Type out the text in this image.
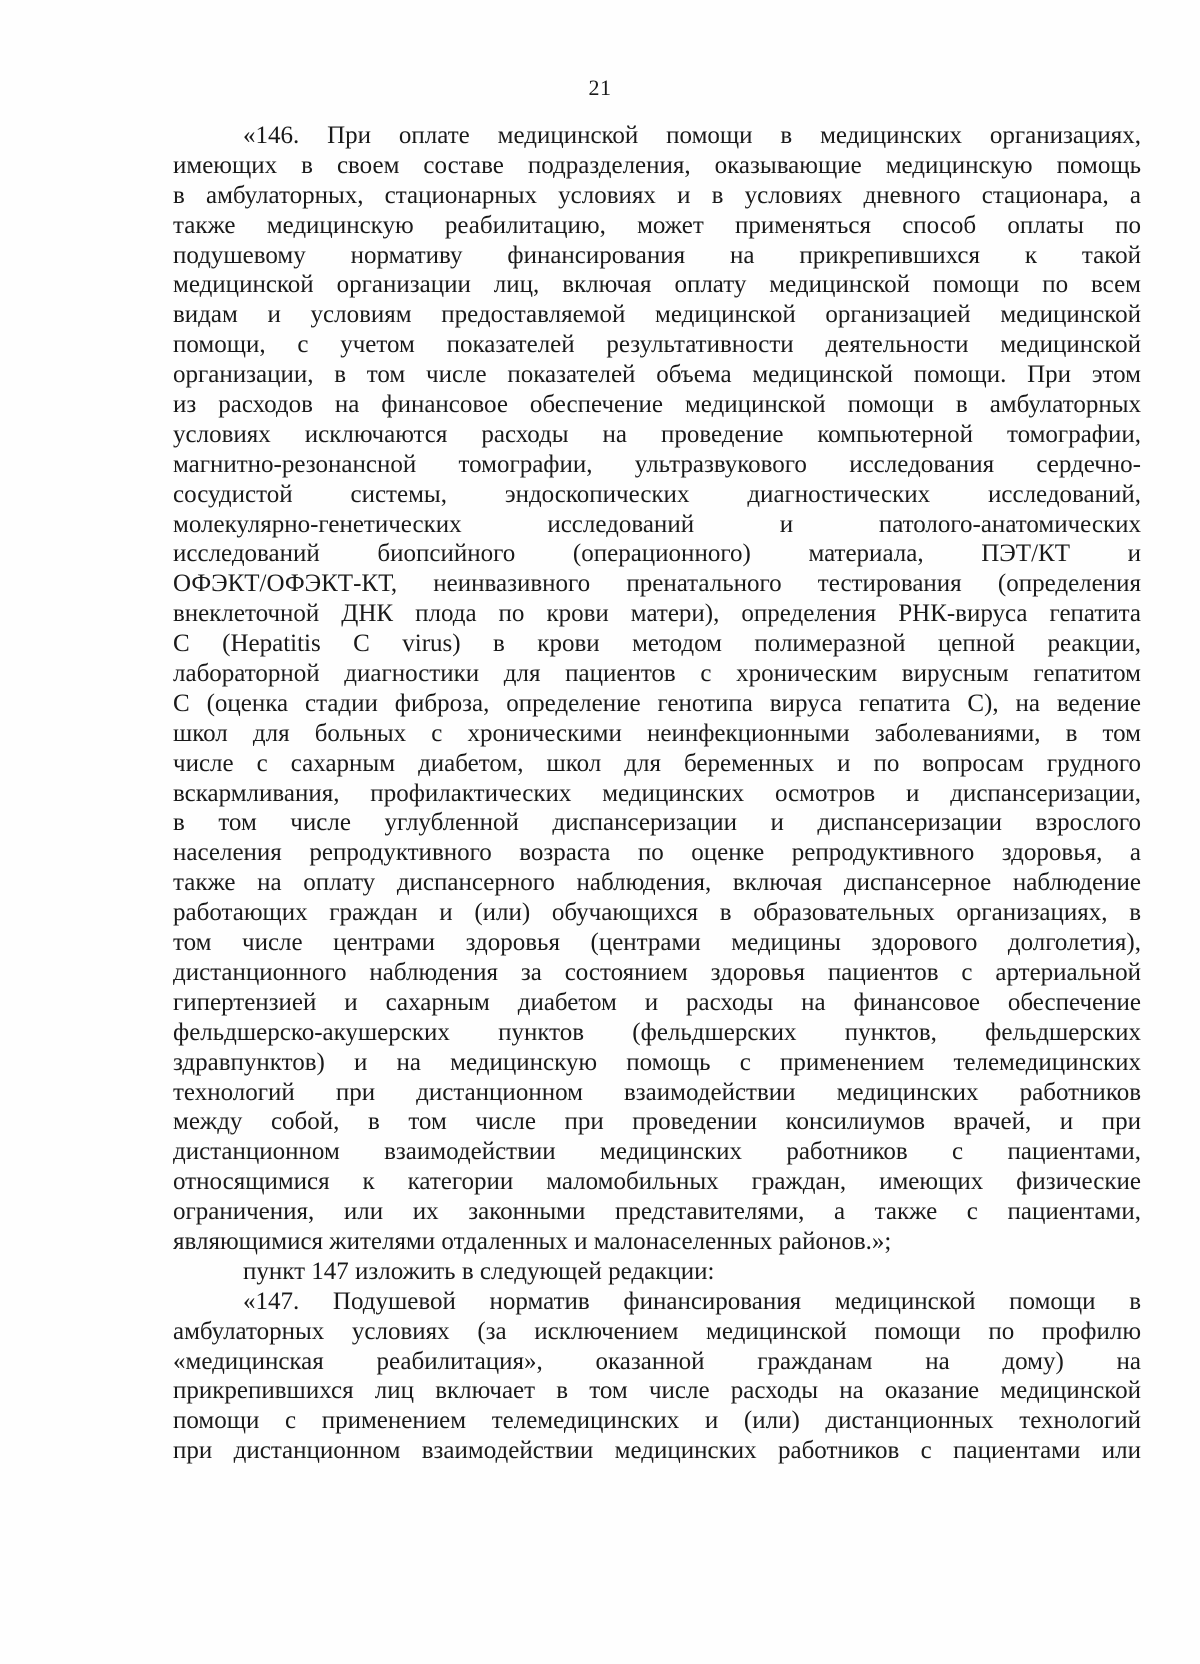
21
«146. При оплате медицинской помощи в медицинских организациях,
имеющих в своем составе подразделения, оказывающие медицинскую помощь
в амбулаторных, стационарных условиях и в условиях дневного стационара, а
также медицинскую реабилитацию, может применяться способ оплаты по
подушевому нормативу финансирования на прикрепившихся к такой
медицинской организации лиц, включая оплату медицинской помощи по всем
видам и условиям предоставляемой медицинской организацией медицинской
помощи, с учетом показателей результативности деятельности медицинской
организации, в том числе показателей объема медицинской помощи. При этом
из расходов на финансовое обеспечение медицинской помощи в амбулаторных
условиях исключаются расходы на проведение компьютерной томографии,
магнитно-резонансной томографии, ультразвукового исследования сердечно-
сосудистой системы, эндоскопических диагностических исследований,
молекулярно-генетических исследований и патолого-анатомических
исследований биопсийного (операционного) материала, ПЭТ/КТ и
ОФЭКТ/ОФЭКТ-КТ, неинвазивного пренатального тестирования (определения
внеклеточной ДНК плода по крови матери), определения РНК-вируса гепатита
С (Hepatitis C virus) в крови методом полимеразной цепной реакции,
лабораторной диагностики для пациентов с хроническим вирусным гепатитом
С (оценка стадии фиброза, определение генотипа вируса гепатита С), на ведение
школ для больных с хроническими неинфекционными заболеваниями, в том
числе с сахарным диабетом, школ для беременных и по вопросам грудного
вскармливания, профилактических медицинских осмотров и диспансеризации,
в том числе углубленной диспансеризации и диспансеризации взрослого
населения репродуктивного возраста по оценке репродуктивного здоровья, а
также на оплату диспансерного наблюдения, включая диспансерное наблюдение
работающих граждан и (или) обучающихся в образовательных организациях, в
том числе центрами здоровья (центрами медицины здорового долголетия),
дистанционного наблюдения за состоянием здоровья пациентов с артериальной
гипертензией и сахарным диабетом и расходы на финансовое обеспечение
фельдшерско-акушерских пунктов (фельдшерских пунктов, фельдшерских
здравпунктов) и на медицинскую помощь с применением телемедицинских
технологий при дистанционном взаимодействии медицинских работников
между собой, в том числе при проведении консилиумов врачей, и при
дистанционном взаимодействии медицинских работников с пациентами,
относящимися к категории маломобильных граждан, имеющих физические
ограничения, или их законными представителями, а также с пациентами,
являющимися жителями отдаленных и малонаселенных районов.»;
пункт 147 изложить в следующей редакции:
«147. Подушевой норматив финансирования медицинской помощи в
амбулаторных условиях (за исключением медицинской помощи по профилю
«медицинская реабилитация», оказанной гражданам на дому) на
прикрепившихся лиц включает в том числе расходы на оказание медицинской
помощи с применением телемедицинских и (или) дистанционных технологий
при дистанционном взаимодействии медицинских работников с пациентами или
